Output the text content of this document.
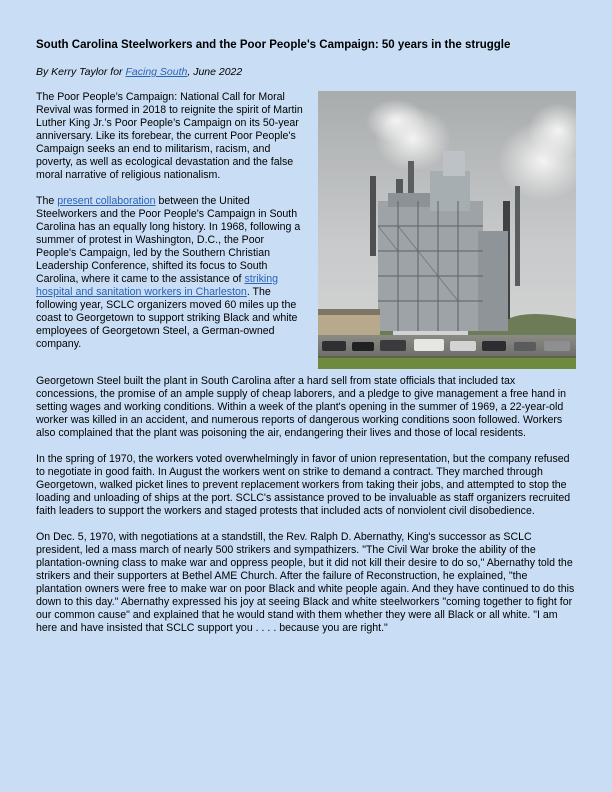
South Carolina Steelworkers and the Poor People's Campaign: 50 years in the struggle
By Kerry Taylor for Facing South, June 2022

The Poor People’s Campaign: National Call for Moral Revival was formed in 2018 to reignite the spirit of Martin Luther King Jr.’s Poor People’s Campaign on its 50-year anniversary. Like its forebear, the current Poor People's Campaign seeks an end to militarism, racism, and poverty, as well as ecological devastation and the false moral narrative of religious nationalism.

The present collaboration between the United Steelworkers and the Poor People's Campaign in South Carolina has an equally long history. In 1968, following a summer of protest in Washington, D.C., the Poor People's Campaign, led by the Southern Christian Leadership Conference, shifted its focus to South Carolina, where it came to the assistance of striking hospital and sanitation workers in Charleston. The following year, SCLC organizers moved 60 miles up the coast to Georgetown to support striking Black and white employees of Georgetown Steel, a German-owned company.

Georgetown Steel built the plant in South Carolina after a hard sell from state officials that included tax concessions, the promise of an ample supply of cheap laborers, and a pledge to give management a free hand in setting wages and working conditions. Within a week of the plant's opening in the summer of 1969, a 22-year-old worker was killed in an accident, and numerous reports of dangerous working conditions soon followed. Workers also complained that the plant was poisoning the air, endangering their lives and those of local residents.

In the spring of 1970, the workers voted overwhelmingly in favor of union representation, but the company refused to negotiate in good faith. In August the workers went on strike to demand a contract. They marched through Georgetown, walked picket lines to prevent replacement workers from taking their jobs, and attempted to stop the loading and unloading of ships at the port. SCLC's assistance proved to be invaluable as staff organizers recruited faith leaders to support the workers and staged protests that included acts of nonviolent civil disobedience.

On Dec. 5, 1970, with negotiations at a standstill, the Rev. Ralph D. Abernathy, King's successor as SCLC president, led a mass march of nearly 500 strikers and sympathizers. "The Civil War broke the ability of the plantation-owning class to make war and oppress people, but it did not kill their desire to do so," Abernathy told the strikers and their supporters at Bethel AME Church. After the failure of Reconstruction, he explained, "the plantation owners were free to make war on poor Black and white people again. And they have continued to do this down to this day." Abernathy expressed his joy at seeing Black and white steelworkers "coming together to fight for our common cause" and explained that he would stand with them whether they were all Black or all white. "I am here and have insisted that SCLC support you . . . . because you are right."
